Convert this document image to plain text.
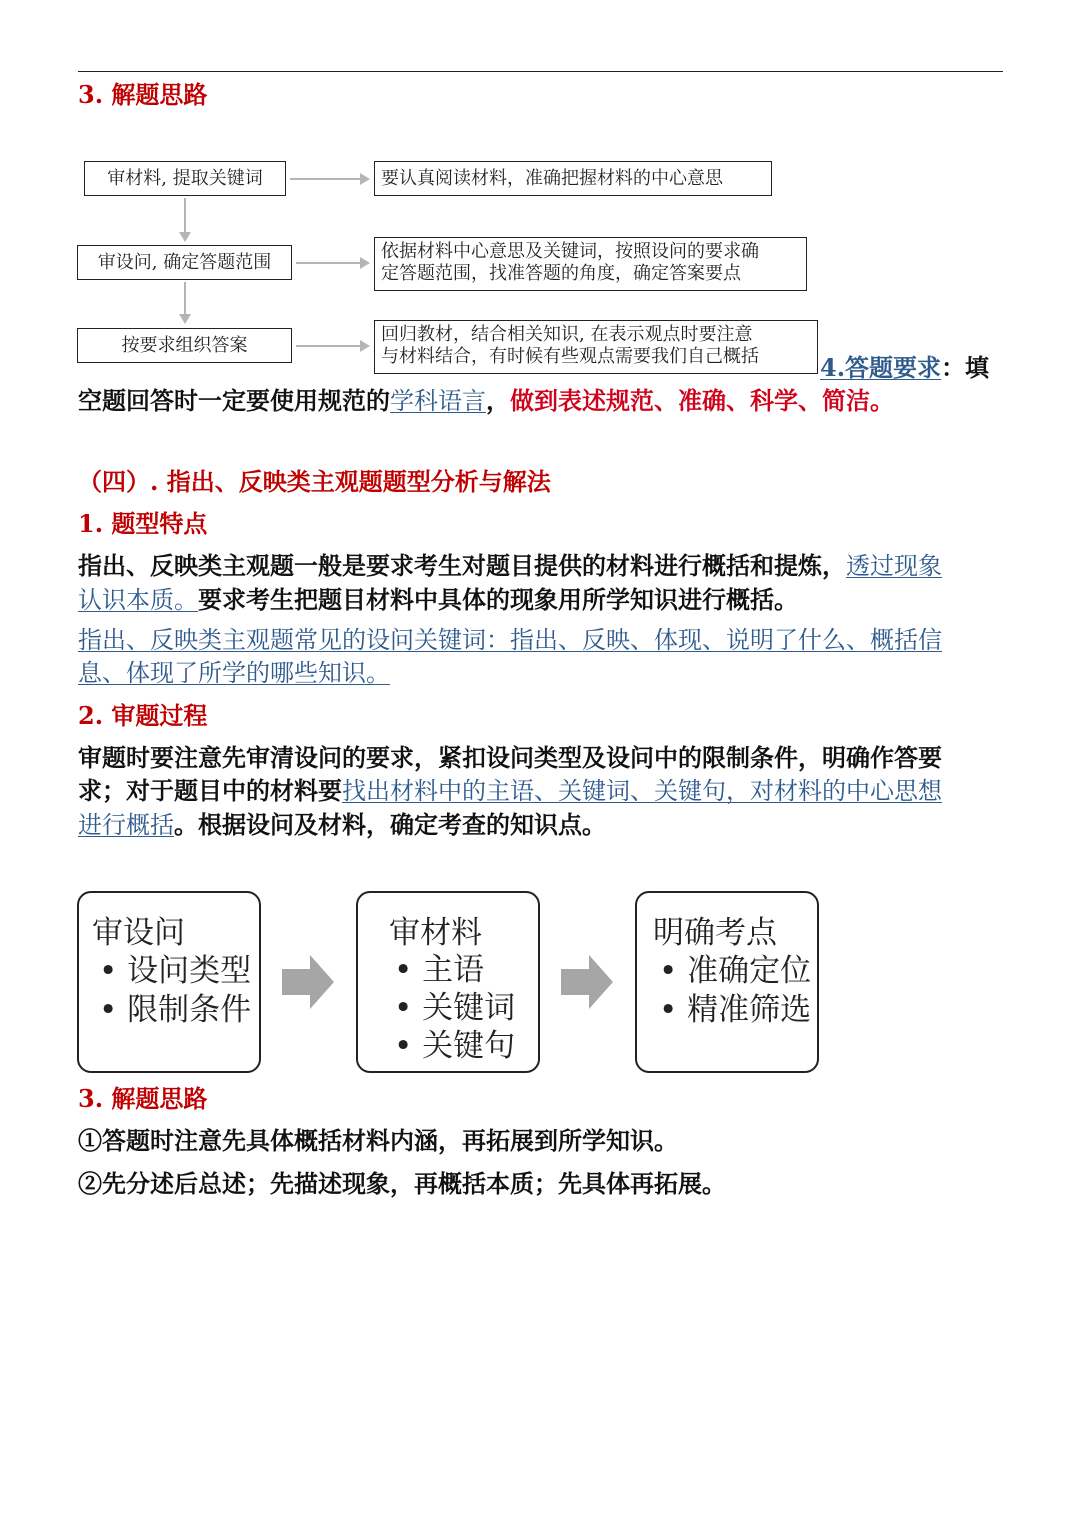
3. 解题思路
审材料, 提取关键词
审设问, 确定答题范围
按要求组织答案
要认真阅读材料，准确把握材料的中心意思
依据材料中心意思及关键词，按照设问的要求确
定答题范围，找准答题的角度，确定答案要点
回归教材，结合相关知识, 在表示观点时要注意
与材料结合，有时候有些观点需要我们自己概括	4.答题要求：填
空题回答时一定要使用规范的学科语言，做到表述规范、准确、科学、简洁。
（四）. 指出、反映类主观题题型分析与解法
1. 题型特点
指出、反映类主观题一般是要求考生对题目提供的材料进行概括和提炼，透过现象
认识本质。要求考生把题目材料中具体的现象用所学知识进行概括。
指出、反映类主观题常见的设问关键词：指出、反映、体现、说明了什么、概括信
息、体现了所学的哪些知识。
2. 审题过程
审题时要注意先审清设问的要求，紧扣设问类型及设问中的限制条件，明确作答要
求；对于题目中的材料要找出材料中的主语、关键词、关键句，对材料的中心思想
进行概括。根据设问及材料，确定考查的知识点。
审设问
• 设问类型
• 限制条件
审材料
• 主语
• 关键词
• 关键句
明确考点
• 准确定位
• 精准筛选
3. 解题思路
①答题时注意先具体概括材料内涵，再拓展到所学知识。
②先分述后总述；先描述现象，再概括本质；先具体再拓展。
